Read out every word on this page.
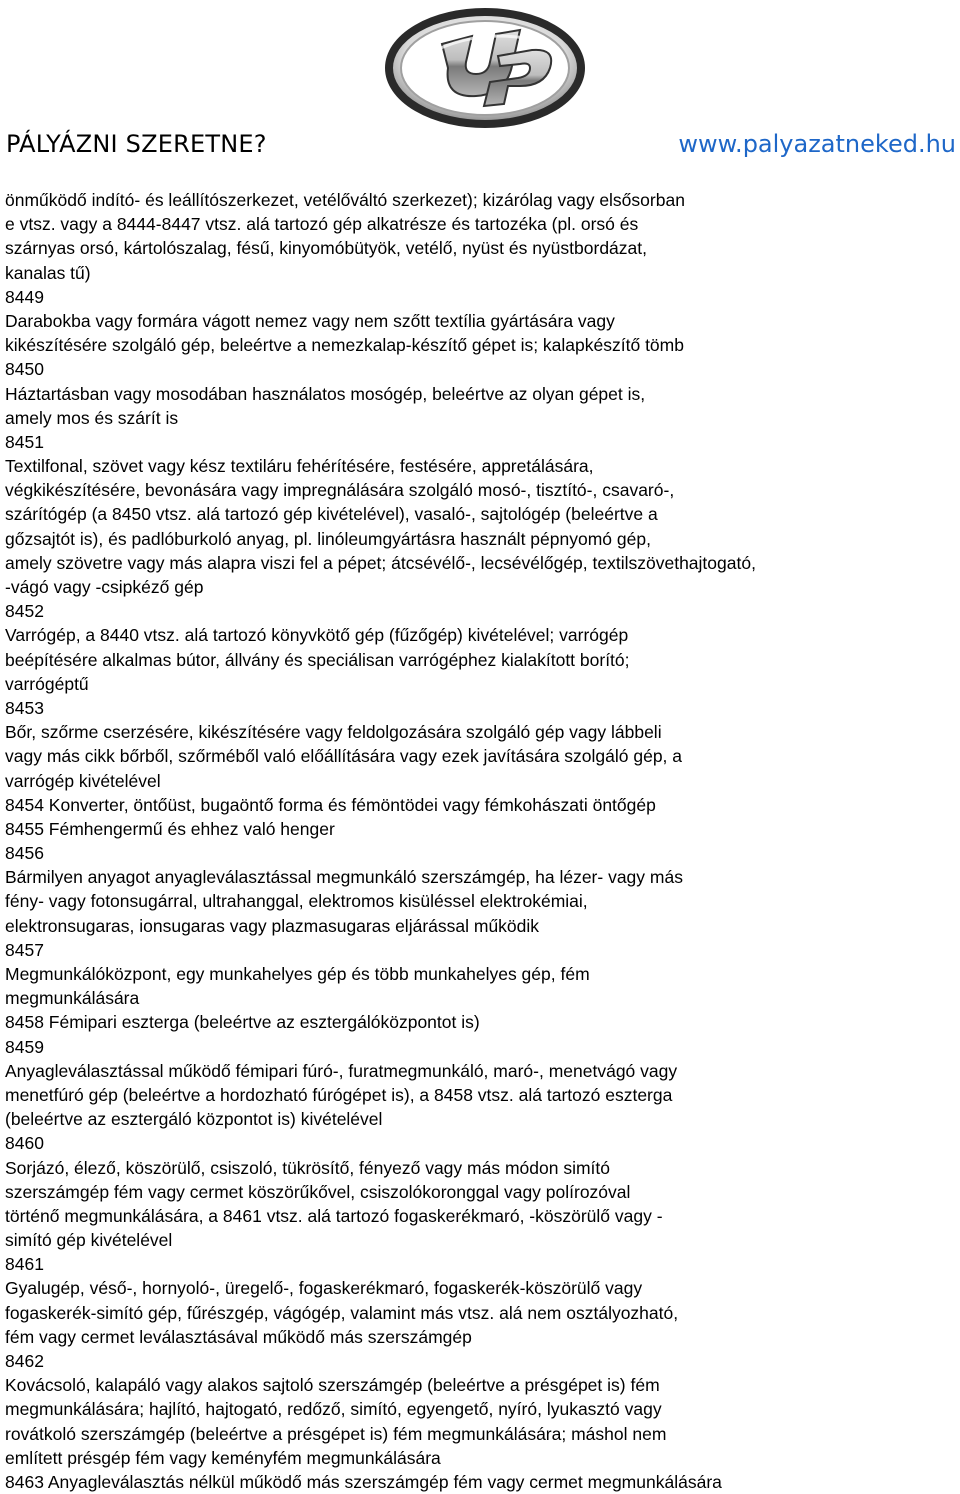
PÁLYÁZNI SZERETNE?	www.palyazatneked.hu
önműködő indító- és leállítószerkezet, vetélőváltó szerkezet); kizárólag vagy elsősorban
e vtsz. vagy a 8444-8447 vtsz. alá tartozó gép alkatrésze és tartozéka (pl. orsó és
szárnyas orsó, kártolószalag, fésű, kinyomóbütyök, vetélő, nyüst és nyüstbordázat,
kanalas tű)
8449
Darabokba vagy formára vágott nemez vagy nem szőtt textília gyártására vagy
kikészítésére szolgáló gép, beleértve a nemezkalap-készítő gépet is; kalapkészítő tömb
8450
Háztartásban vagy mosodában használatos mosógép, beleértve az olyan gépet is,
amely mos és szárít is
8451
Textilfonal, szövet vagy kész textiláru fehérítésére, festésére, appretálására,
végkikészítésére, bevonására vagy impregnálására szolgáló mosó-, tisztító-, csavaró-,
szárítógép (a 8450 vtsz. alá tartozó gép kivételével), vasaló-, sajtológép (beleértve a
gőzsajtót is), és padlóburkoló anyag, pl. linóleumgyártásra használt pépnyomó gép,
amely szövetre vagy más alapra viszi fel a pépet; átcsévélő-, lecsévélőgép, textilszövethajtogató,
-vágó vagy -csipkéző gép
8452
Varrógép, a 8440 vtsz. alá tartozó könyvkötő gép (fűzőgép) kivételével; varrógép
beépítésére alkalmas bútor, állvány és speciálisan varrógéphez kialakított borító;
varrógéptű
8453
Bőr, szőrme cserzésére, kikészítésére vagy feldolgozására szolgáló gép vagy lábbeli
vagy más cikk bőrből, szőrméből való előállítására vagy ezek javítására szolgáló gép, a
varrógép kivételével
8454 Konverter, öntőüst, bugaöntő forma és fémöntödei vagy fémkohászati öntőgép
8455 Fémhengermű és ehhez való henger
8456
Bármilyen anyagot anyagleválasztással megmunkáló szerszámgép, ha lézer- vagy más
fény- vagy fotonsugárral, ultrahanggal, elektromos kisüléssel elektrokémiai,
elektronsugaras, ionsugaras vagy plazmasugaras eljárással működik
8457
Megmunkálóközpont, egy munkahelyes gép és több munkahelyes gép, fém
megmunkálására
8458 Fémipari eszterga (beleértve az esztergálóközpontot is)
8459
Anyagleválasztással működő fémipari fúró-, furatmegmunkáló, maró-, menetvágó vagy
menetfúró gép (beleértve a hordozható fúrógépet is), a 8458 vtsz. alá tartozó eszterga
(beleértve az esztergáló központot is) kivételével
8460
Sorjázó, élező, köszörülő, csiszoló, tükrösítő, fényező vagy más módon simító
szerszámgép fém vagy cermet köszörűkővel, csiszolókoronggal vagy polírozóval
történő megmunkálására, a 8461 vtsz. alá tartozó fogaskerékmaró, -köszörülő vagy -
simító gép kivételével
8461
Gyalugép, véső-, hornyoló-, üregelő-, fogaskerékmaró, fogaskerék-köszörülő vagy
fogaskerék-simító gép, fűrészgép, vágógép, valamint más vtsz. alá nem osztályozható,
fém vagy cermet leválasztásával működő más szerszámgép
8462
Kovácsoló, kalapáló vagy alakos sajtoló szerszámgép (beleértve a présgépet is) fém
megmunkálására; hajlító, hajtogató, redőző, simító, egyengető, nyíró, lyukasztó vagy
rovátkoló szerszámgép (beleértve a présgépet is) fém megmunkálására; máshol nem
említett présgép fém vagy keményfém megmunkálására
8463 Anyagleválasztás nélkül működő más szerszámgép fém vagy cermet megmunkálására
